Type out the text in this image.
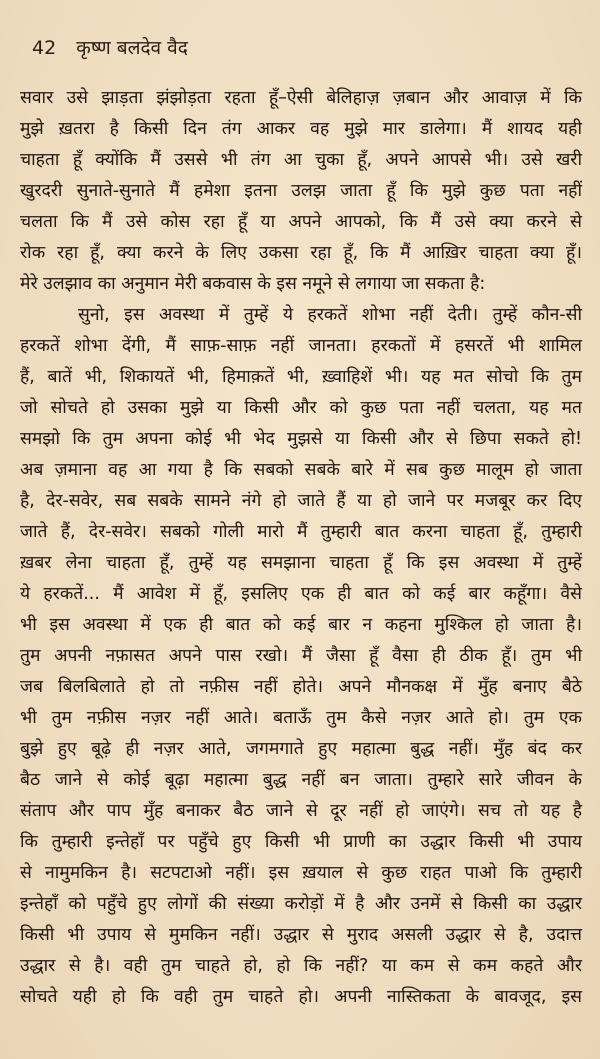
42 कृष्ण बलदेव वैद

सवार उसे झाड़ता झंझोड़ता रहता हूँ–ऐसी बेलिहाज़ ज़बान और आवाज़ में कि

मुझे ख़तरा है किसी दिन तंग आकर वह मुझे मार डालेगा। मैं शायद यही

चाहता हूँ क्योंकि मैं उससे भी तंग आ चुका हूँ, अपने आपसे भी। उसे खरी

खुरदरी सुनाते-सुनाते मैं हमेशा इतना उलझ जाता हूँ कि मुझे कुछ पता नहीं

चलता कि मैं उसे कोस रहा हूँ या अपने आपको, कि मैं उसे क्या करने से

रोक रहा हूँ, क्या करने के लिए उकसा रहा हूँ, कि मैं आख़िर चाहता क्या हूँ।

मेरे उलझाव का अनुमान मेरी बकवास के इस नमूने से लगाया जा सकता है:

सुनो, इस अवस्था में तुम्हें ये हरकतें शोभा नहीं देती। तुम्हें कौन-सी

हरकतें शोभा देंगी, मैं साफ़-साफ़ नहीं जानता। हरकतों में हसरतें भी शामिल

हैं, बातें भी, शिकायतें भी, हिमाक़तें भी, ख़्वाहिशें भी। यह मत सोचो कि तुम

जो सोचते हो उसका मुझे या किसी और को कुछ पता नहीं चलता, यह मत

समझो कि तुम अपना कोई भी भेद मुझसे या किसी और से छिपा सकते हो!

अब ज़माना वह आ गया है कि सबको सबके बारे में सब कुछ मालूम हो जाता

है, देर-सवेर, सब सबके सामने नंगे हो जाते हैं या हो जाने पर मजबूर कर दिए

जाते हैं, देर-सवेर। सबको गोली मारो मैं तुम्हारी बात करना चाहता हूँ, तुम्हारी

ख़बर लेना चाहता हूँ, तुम्हें यह समझाना चाहता हूँ कि इस अवस्था में तुम्हें

ये हरकतें... मैं आवेश में हूँ, इसलिए एक ही बात को कई बार कहूँगा। वैसे

भी इस अवस्था में एक ही बात को कई बार न कहना मुश्किल हो जाता है।

तुम अपनी नफ़ासत अपने पास रखो। मैं जैसा हूँ वैसा ही ठीक हूँ। तुम भी

जब बिलबिलाते हो तो नफ़ीस नहीं होते। अपने मौनकक्ष में मुँह बनाए बैठे

भी तुम नफ़ीस नज़र नहीं आते। बताऊँ तुम कैसे नज़र आते हो। तुम एक

बुझे हुए बूढ़े ही नज़र आते, जगमगाते हुए महात्मा बुद्ध नहीं। मुँह बंद कर

बैठ जाने से कोई बूढ़ा महात्मा बुद्ध नहीं बन जाता। तुम्हारे सारे जीवन के

संताप और पाप मुँह बनाकर बैठ जाने से दूर नहीं हो जाएंगे। सच तो यह है

कि तुम्हारी इन्तेहाँ पर पहुँचे हुए किसी भी प्राणी का उद्धार किसी भी उपाय

से नामुमकिन है। सटपटाओ नहीं। इस ख़याल से कुछ राहत पाओ कि तुम्हारी

इन्तेहाँ को पहुँचे हुए लोगों की संख्या करोड़ों में है और उनमें से किसी का उद्धार

किसी भी उपाय से मुमकिन नहीं। उद्धार से मुराद असली उद्धार से है, उदात्त

उद्धार से है। वही तुम चाहते हो, हो कि नहीं? या कम से कम कहते और

सोचते यही हो कि वही तुम चाहते हो। अपनी नास्तिकता के बावजूद, इस
